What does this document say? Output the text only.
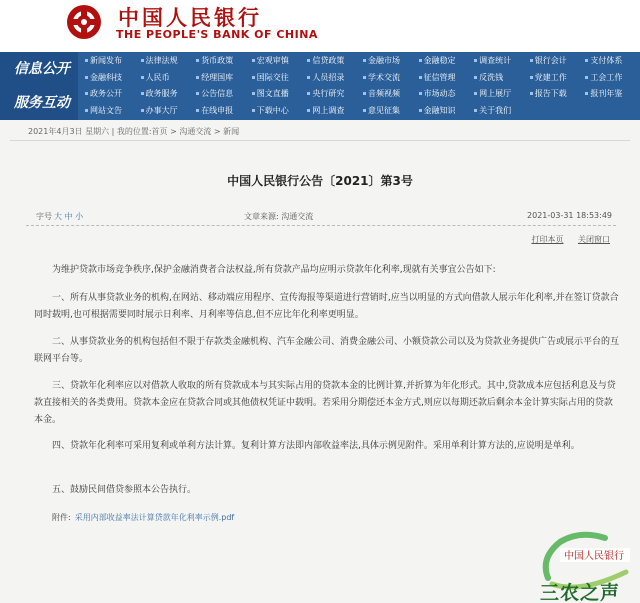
中国人民银行
THE PEOPLE'S BANK OF CHINA
信息公开
服务互动
新闻发布	法律法规	货币政策	宏观审慎	信贷政策	金融市场	金融稳定	调查统计	银行会计	支付体系
金融科技	人民币	经理国库	国际交往	人员招录	学术交流	征信管理	反洗钱	党建工作	工会工作
政务公开	政务服务	公告信息	图文直播	央行研究	音频视频	市场动态	网上展厅	报告下载	报刊年鉴
网站文告	办事大厅	在线申报	下载中心	网上调查	意见征集	金融知识	关于我们
2021年4月3日 星期六 | 我的位置:首页 > 沟通交流 > 新闻
中国人民银行公告〔2021〕第3号
字号 大 中 小	文章来源: 沟通交流	2021-03-31 18:53:49
打印本页 关闭窗口
为维护贷款市场竞争秩序,保护金融消费者合法权益,所有贷款产品均应明示贷款年化利率,现就有关事宜公告如下:
一、所有从事贷款业务的机构,在网站、移动端应用程序、宣传海报等渠道进行营销时,应当以明显的方式向借款人展示年化利率,并在签订贷款合同时载明,也可根据需要同时展示日利率、月利率等信息,但不应比年化利率更明显。
二、从事贷款业务的机构包括但不限于存款类金融机构、汽车金融公司、消费金融公司、小额贷款公司以及为贷款业务提供广告或展示平台的互联网平台等。
三、贷款年化利率应以对借款人收取的所有贷款成本与其实际占用的贷款本金的比例计算,并折算为年化形式。其中,贷款成本应包括利息及与贷款直接相关的各类费用。贷款本金应在贷款合同或其他债权凭证中载明。若采用分期偿还本金方式,则应以每期还款后剩余本金计算实际占用的贷款本金。
四、贷款年化利率可采用复利或单利方法计算。复利计算方法即内部收益率法,具体示例见附件。采用单利计算方法的,应说明是单利。
五、鼓励民间借贷参照本公告执行。
附件: 采用内部收益率法计算贷款年化利率示例.pdf
中国人民银行
三农之声
